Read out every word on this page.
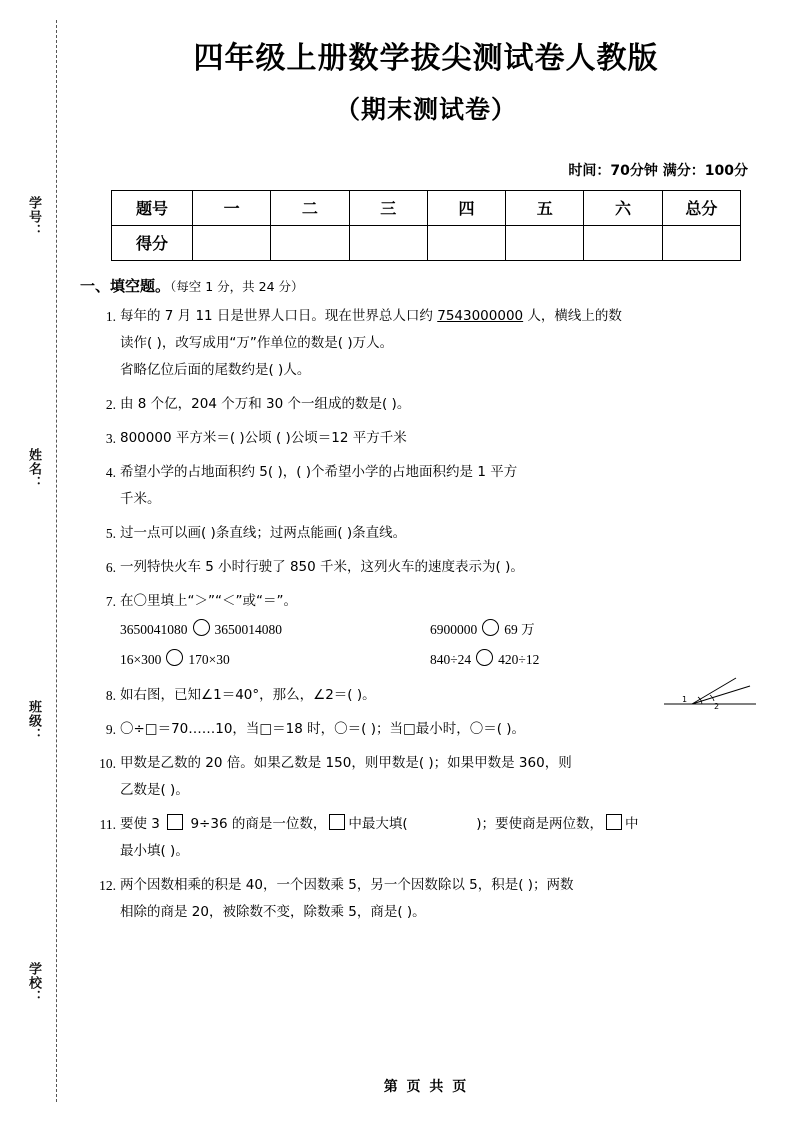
学号：
姓名：
班级：
学校：
四年级上册数学拔尖测试卷人教版
（期末测试卷）
时间：70分钟 满分：100分
题号	一	二	三	四	五	六	总分
得分							
一、填空题。（每空 1 分，共 24 分）
1. 每年的 7 月 11 日是世界人口日。现在世界总人口约 7543000000 人，横线上的数
读作( )，改写成用“万”作单位的数是( )万人。
省略亿位后面的尾数约是( )人。
2. 由 8 个亿，204 个万和 30 个一组成的数是( )。
3. 800000 平方米＝( )公顷 ( )公顷＝12 平方千米
4. 希望小学的占地面积约 5( )，( )个希望小学的占地面积约是 1 平方
千米。
5. 过一点可以画( )条直线；过两点能画( )条直线。
6. 一列特快火车 5 小时行驶了 850 千米，这列火车的速度表示为( )。
7. 在〇里填上“＞”“＜”或“＝”。
3650041080 3650014080	6900000 69 万
16×300 170×30	840÷24 420÷12
8. 如右图，已知∠1＝40°，那么，∠2＝( )。	1
2
9. 〇÷□＝70……10，当□＝18 时，〇＝( )；当□最小时，〇＝( )。
10. 甲数是乙数的 20 倍。如果乙数是 150，则甲数是( )；如果甲数是 360，则
乙数是( )。
11. 要使 3  9÷36 的商是一位数， 中最大填(                )；要使商是两位数， 中
最小填( )。
12. 两个因数相乘的积是 40，一个因数乘 5，另一个因数除以 5，积是( )；两数
相除的商是 20，被除数不变，除数乘 5，商是( )。
第 页 共 页
